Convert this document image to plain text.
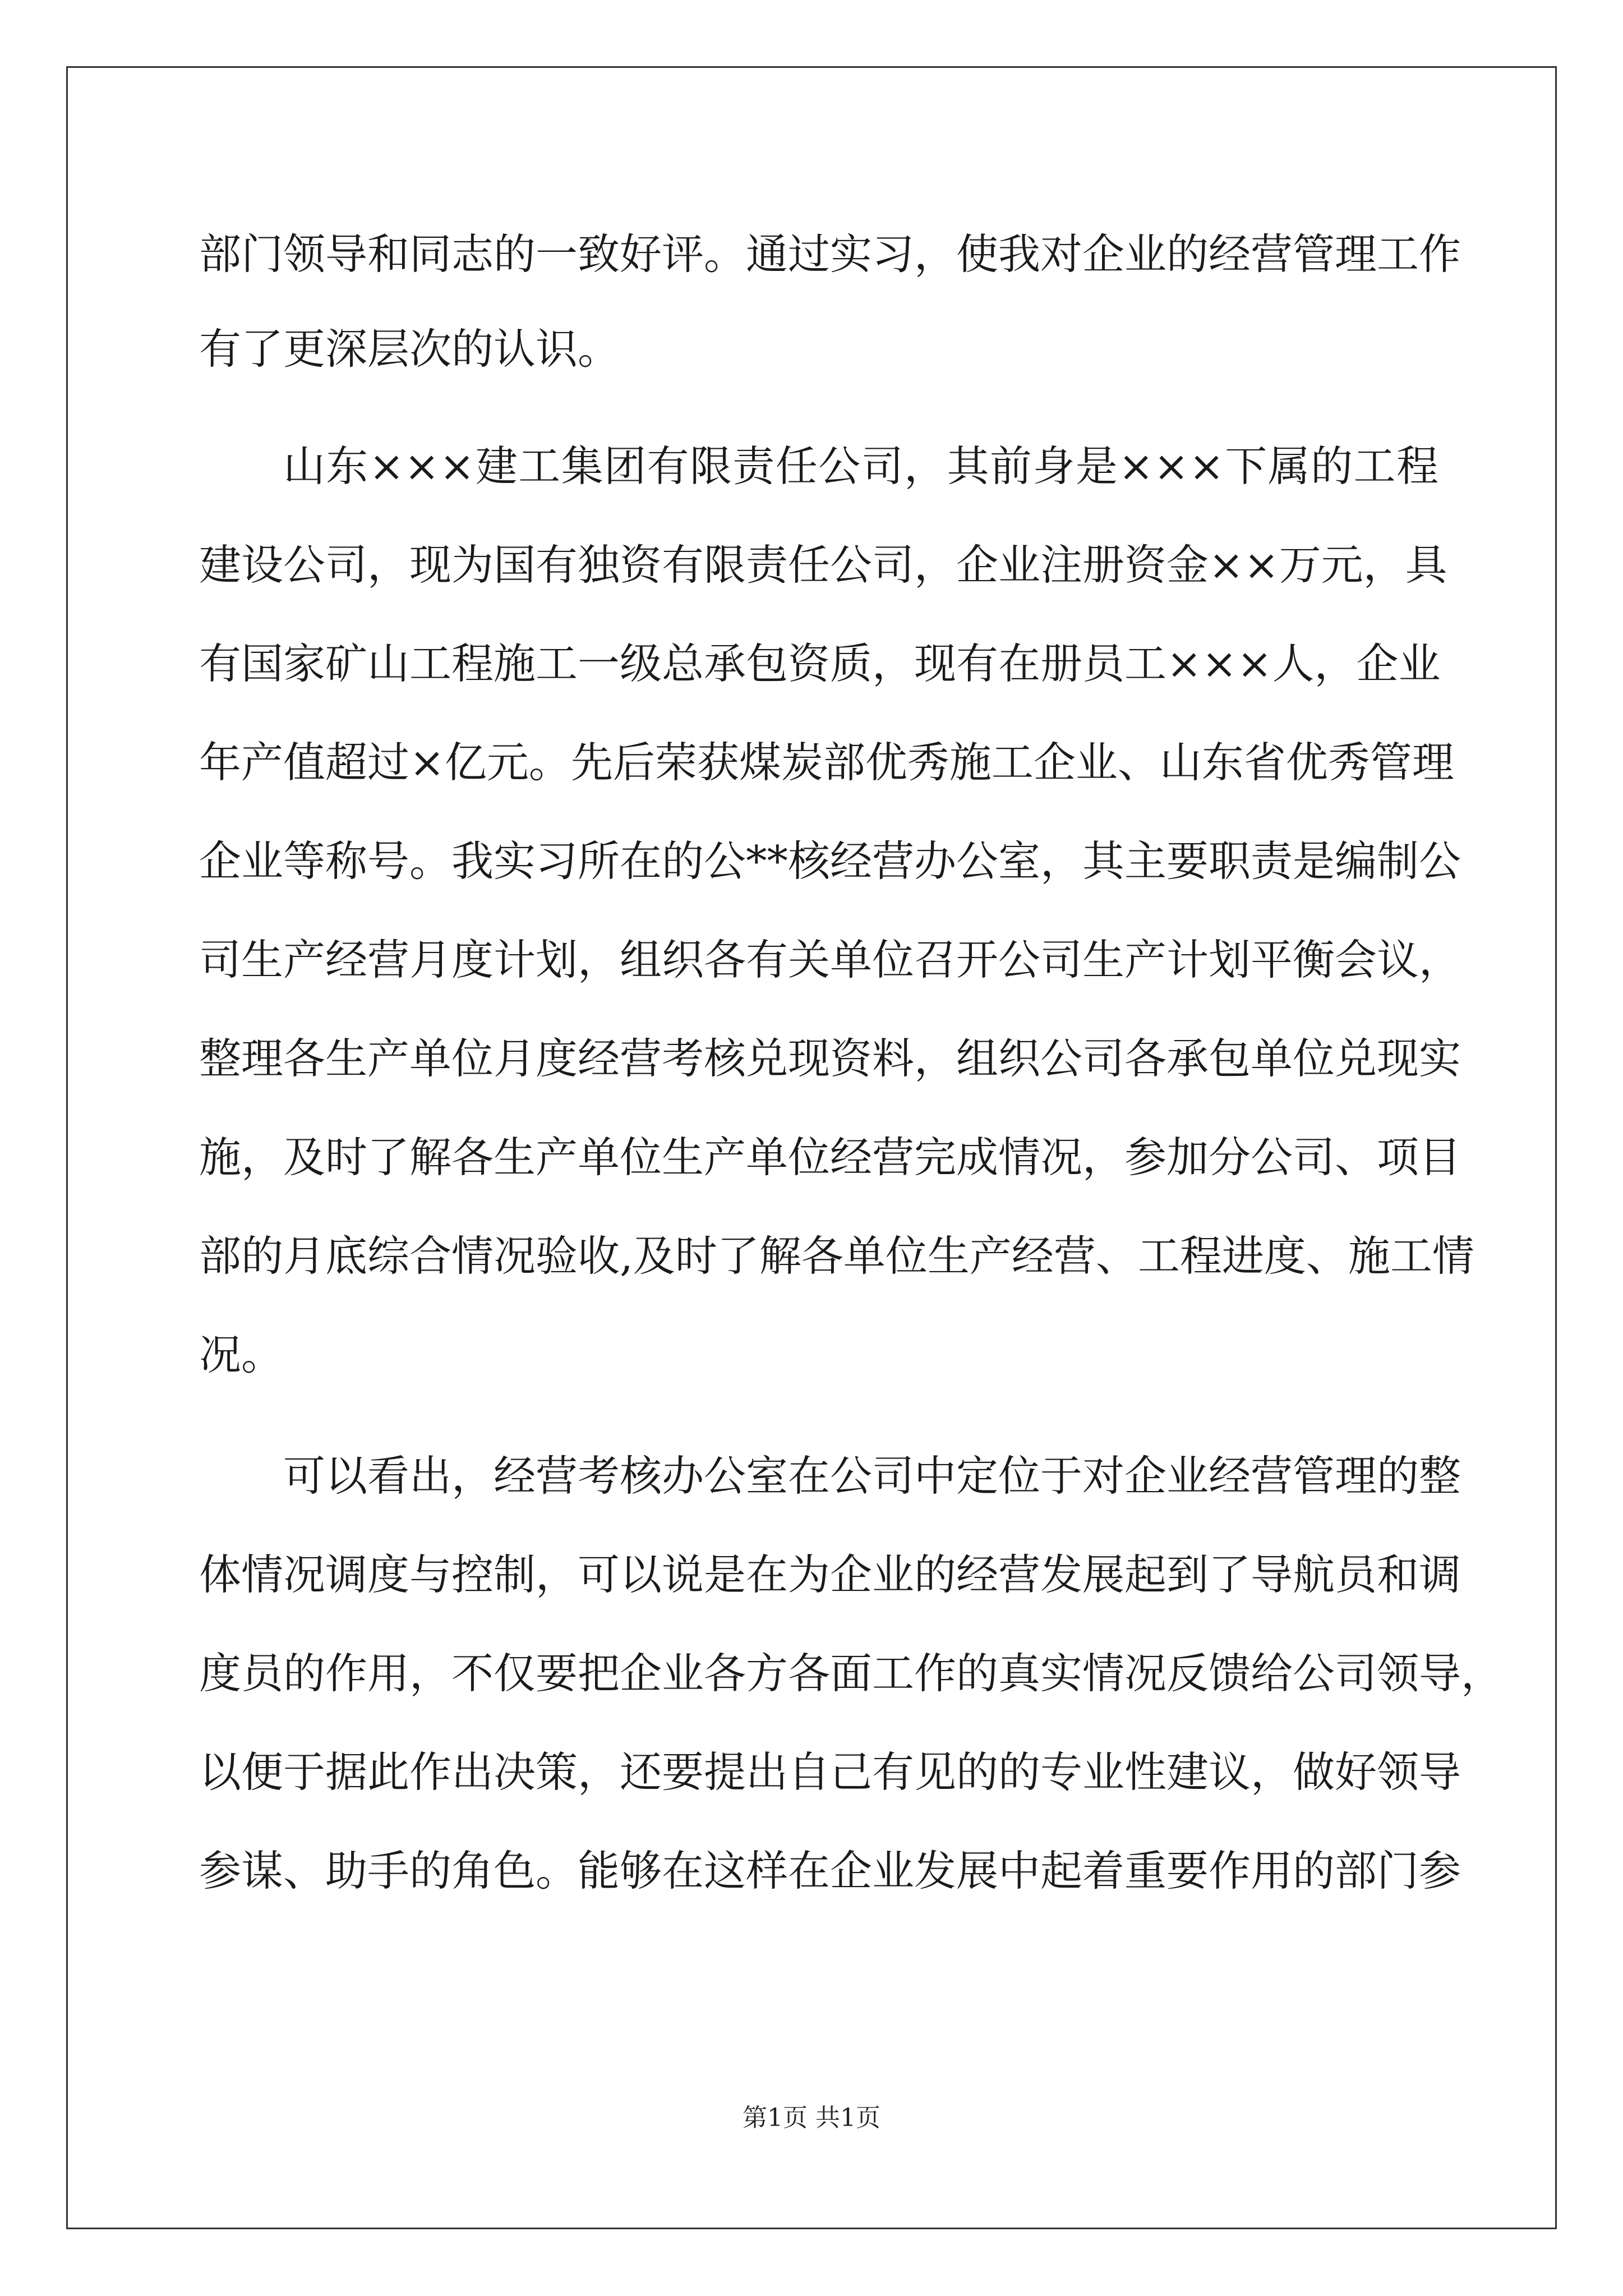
部门领导和同志的一致好评。通过实习，使我对企业的经营管理工作
有了更深层次的认识。
山东×××建工集团有限责任公司，其前身是×××下属的工程
建设公司，现为国有独资有限责任公司，企业注册资金××万元，具
有国家矿山工程施工一级总承包资质，现有在册员工×××人，企业
年产值超过×亿元。先后荣获煤炭部优秀施工企业、山东省优秀管理
企业等称号。我实习所在的公**核经营办公室，其主要职责是编制公
司生产经营月度计划，组织各有关单位召开公司生产计划平衡会议，
整理各生产单位月度经营考核兑现资料，组织公司各承包单位兑现实
施，及时了解各生产单位生产单位经营完成情况，参加分公司、项目
部的月底综合情况验收,及时了解各单位生产经营、工程进度、施工情
况。
可以看出，经营考核办公室在公司中定位于对企业经营管理的整
体情况调度与控制，可以说是在为企业的经营发展起到了导航员和调
度员的作用，不仅要把企业各方各面工作的真实情况反馈给公司领导，
以便于据此作出决策，还要提出自己有见的的专业性建议，做好领导
参谋、助手的角色。能够在这样在企业发展中起着重要作用的部门参
第1页 共1页
